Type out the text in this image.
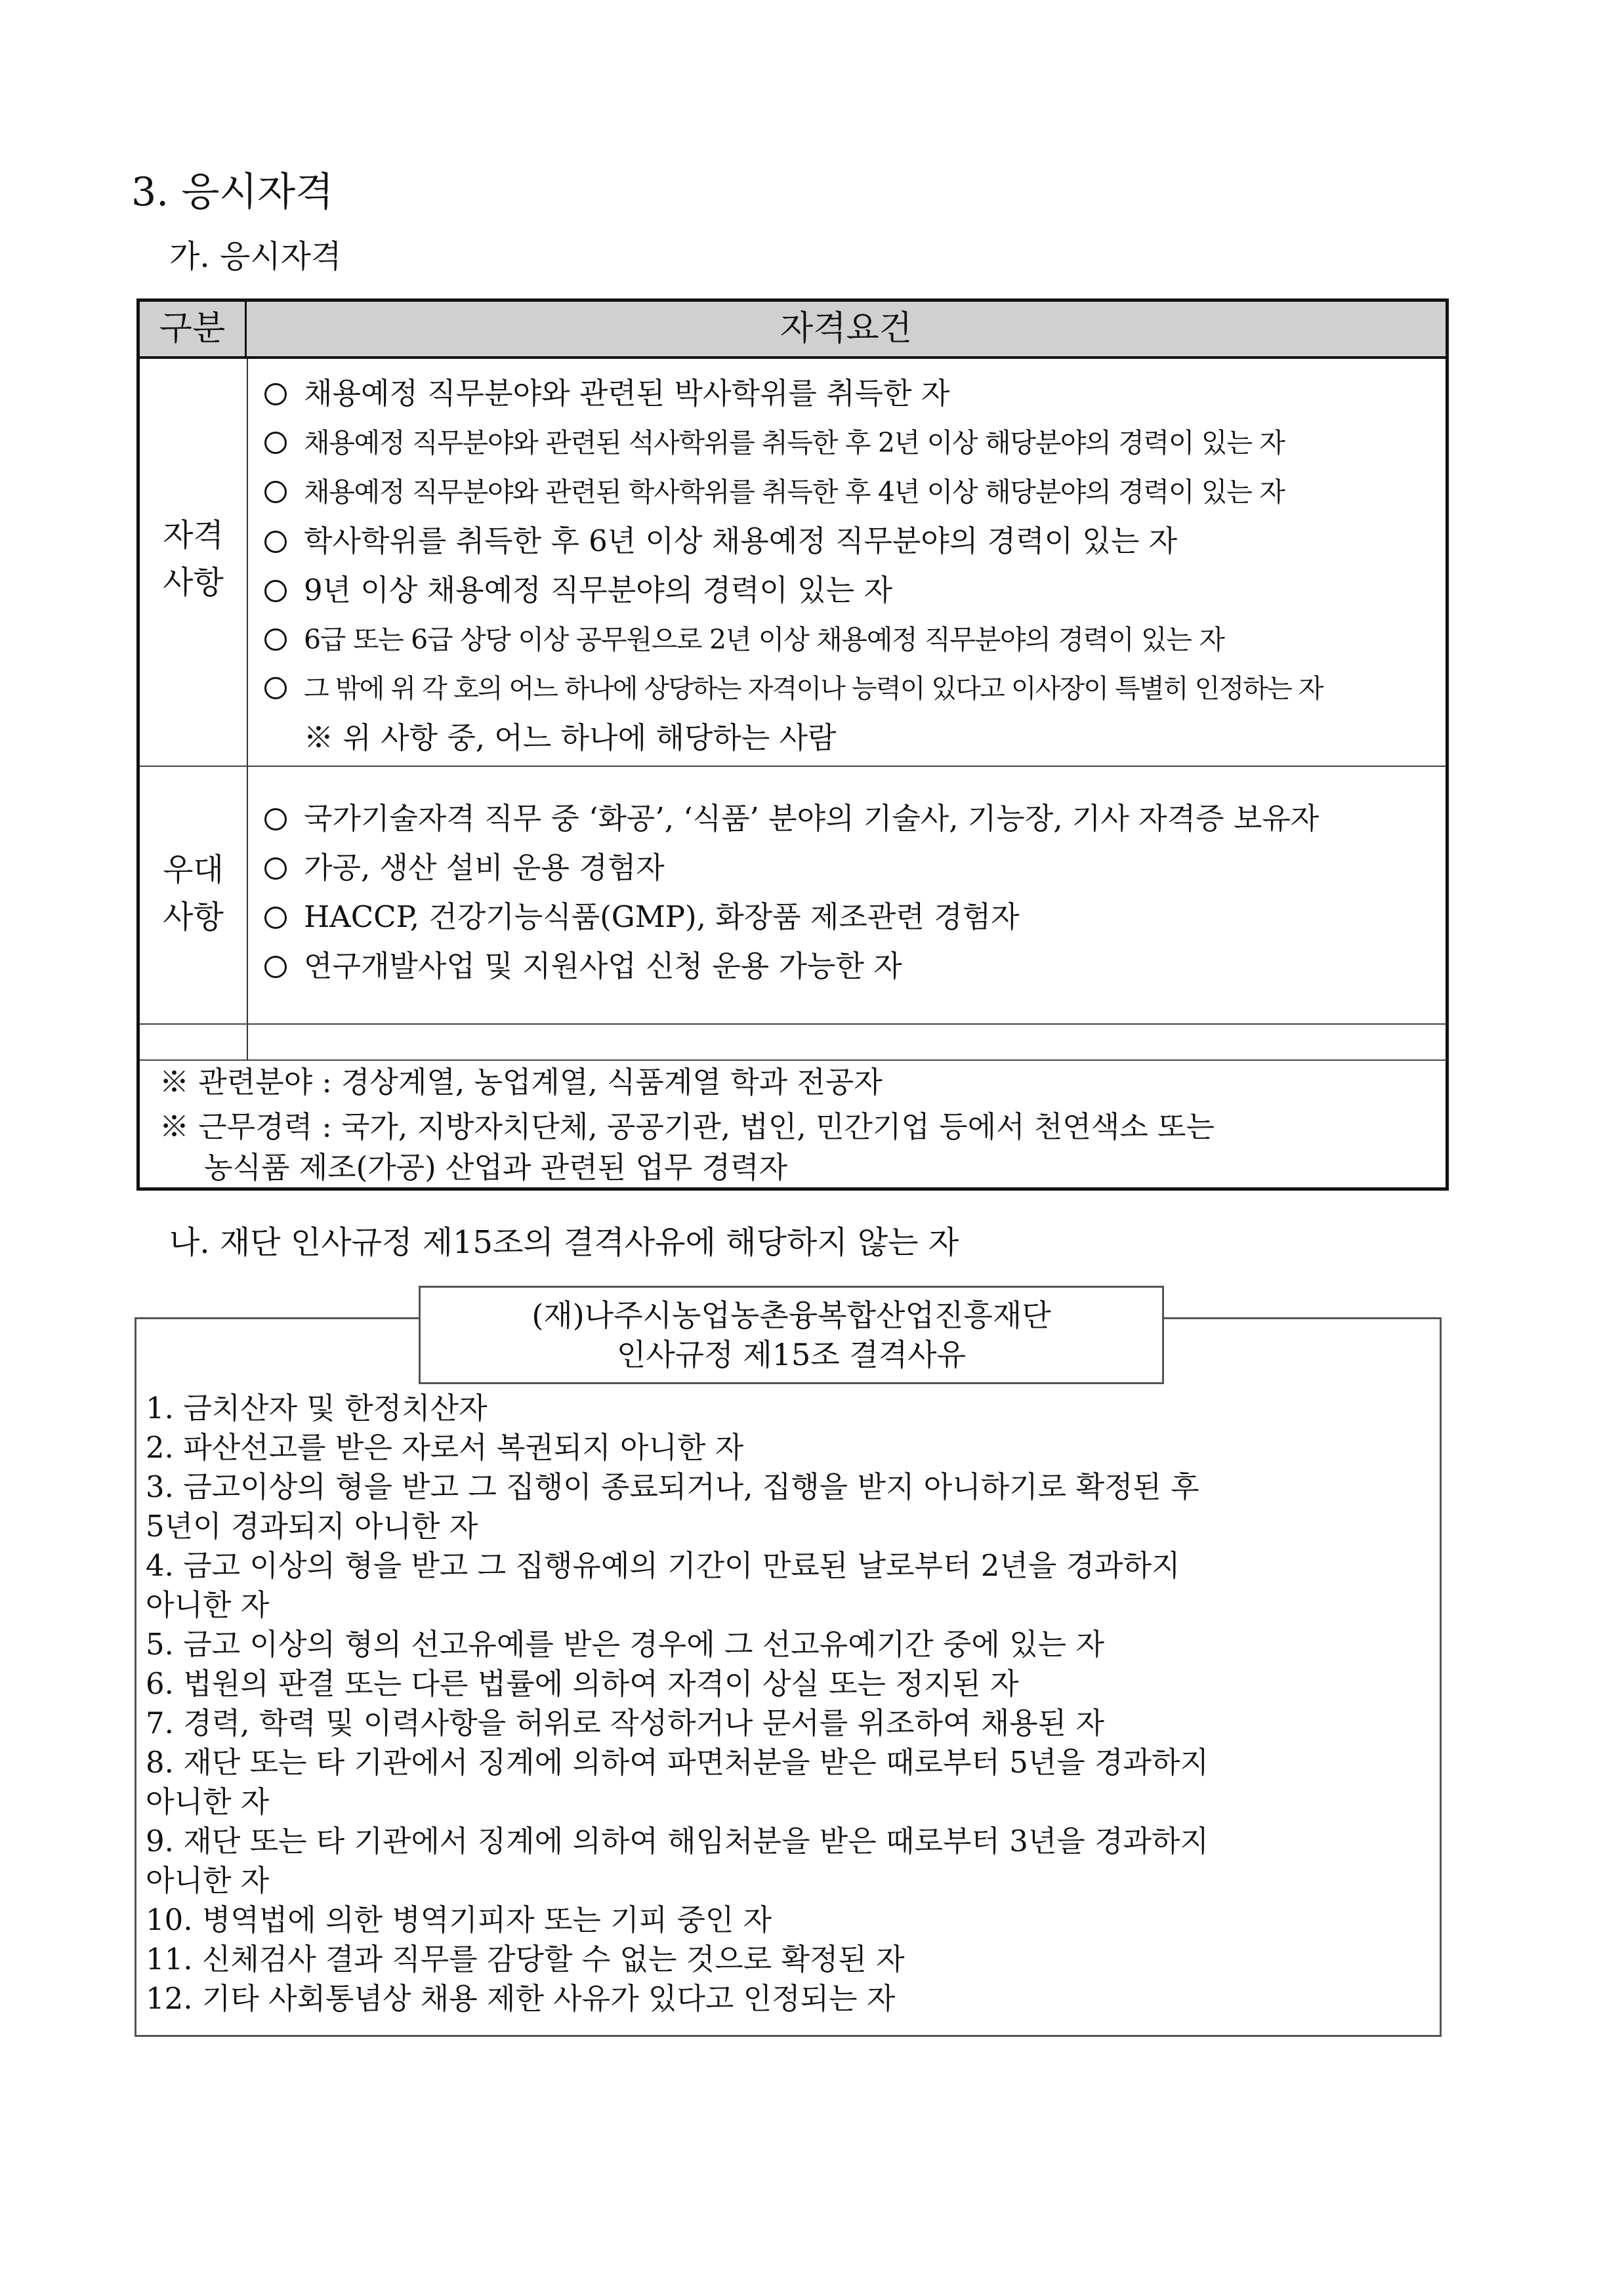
3. 응시자격
가. 응시자격
구분	자격요건
자격
사항
채용예정 직무분야와 관련된 박사학위를 취득한 자
채용예정 직무분야와 관련된 석사학위를 취득한 후 2년 이상 해당분야의 경력이 있는 자
채용예정 직무분야와 관련된 학사학위를 취득한 후 4년 이상 해당분야의 경력이 있는 자
학사학위를 취득한 후 6년 이상 채용예정 직무분야의 경력이 있는 자
9년 이상 채용예정 직무분야의 경력이 있는 자
6급 또는 6급 상당 이상 공무원으로 2년 이상 채용예정 직무분야의 경력이 있는 자
그 밖에 위 각 호의 어느 하나에 상당하는 자격이나 능력이 있다고 이사장이 특별히 인정하는 자
※ 위 사항 중, 어느 하나에 해당하는 사람
우대
사항
국가기술자격 직무 중 ‘화공’, ‘식품’ 분야의 기술사, 기능장, 기사 자격증 보유자
가공, 생산 설비 운용 경험자
HACCP, 건강기능식품(GMP), 화장품 제조관련 경험자
연구개발사업 및 지원사업 신청 운용 가능한 자
※ 관련분야 : 경상계열, 농업계열, 식품계열 학과 전공자
※ 근무경력 : 국가, 지방자치단체, 공공기관, 법인, 민간기업 등에서 천연색소 또는
농식품 제조(가공) 산업과 관련된 업무 경력자
나. 재단 인사규정 제15조의 결격사유에 해당하지 않는 자
(재)나주시농업농촌융복합산업진흥재단
인사규정 제15조 결격사유
1. 금치산자 및 한정치산자
2. 파산선고를 받은 자로서 복권되지 아니한 자
3. 금고이상의 형을 받고 그 집행이 종료되거나, 집행을 받지 아니하기로 확정된 후
5년이 경과되지 아니한 자
4. 금고 이상의 형을 받고 그 집행유예의 기간이 만료된 날로부터 2년을 경과하지
아니한 자
5. 금고 이상의 형의 선고유예를 받은 경우에 그 선고유예기간 중에 있는 자
6. 법원의 판결 또는 다른 법률에 의하여 자격이 상실 또는 정지된 자
7. 경력, 학력 및 이력사항을 허위로 작성하거나 문서를 위조하여 채용된 자
8. 재단 또는 타 기관에서 징계에 의하여 파면처분을 받은 때로부터 5년을 경과하지
아니한 자
9. 재단 또는 타 기관에서 징계에 의하여 해임처분을 받은 때로부터 3년을 경과하지
아니한 자
10. 병역법에 의한 병역기피자 또는 기피 중인 자
11. 신체검사 결과 직무를 감당할 수 없는 것으로 확정된 자
12. 기타 사회통념상 채용 제한 사유가 있다고 인정되는 자
